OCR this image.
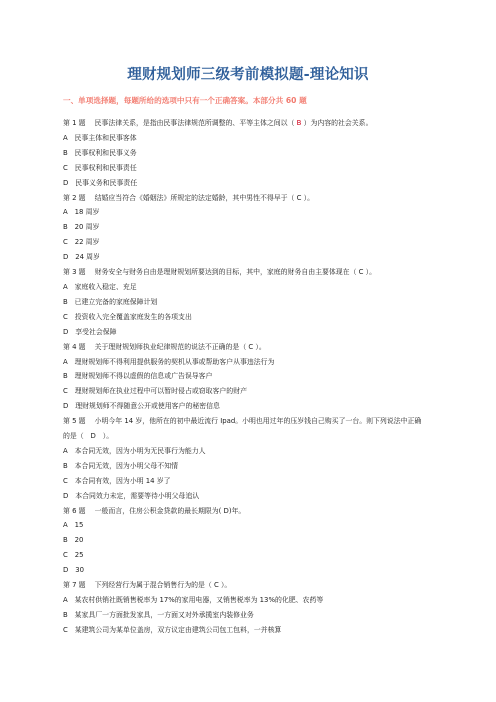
理财规划师三级考前模拟题-理论知识
一、单项选择题，每题所给的选项中只有一个正确答案。本部分共 60 题
第 1 题　 民事法律关系，是指由民事法律规范所调整的、平等主体之间以（ B ）为内容的社会关系。
A　民事主体和民事客体
B　民事权利和民事义务
C　民事权利和民事责任
D　民事义务和民事责任
第 2 题　 结婚应当符合《婚姻法》所规定的法定婚龄，其中男性不得早于（ C ）。
A　18 周岁
B　20 周岁
C　22 周岁
D　24 周岁
第 3 题　 财务安全与财务自由是理财规划所要达到的目标，其中，家庭的财务自由主要体现在（ C ）。
A　家庭收入稳定、充足
B　已建立完备的家庭保障计划
C　投资收入完全覆盖家庭发生的各项支出
D　享受社会保障
第 4 题　 关于理财规划师执业纪律规范的说法不正确的是（ C ）。
A　理财规划师不得利用提供服务的契机从事或帮助客户从事违法行为
B　理财规划师不得以虚假的信息或广告误导客户
C　理财规划师在执业过程中可以暂时侵占或窃取客户的财产
D　理财规划师不得随意公开或使用客户的秘密信息
第 5 题　 小明今年 14 岁，他所在的初中最近流行 Ipad。小明也用过年的压岁钱自己购买了一台。则下列说法中正确的是（　D　）。
A　本合同无效，因为小明为无民事行为能力人
B　本合同无效，因为小明父母不知情
C　本合同有效，因为小明 14 岁了
D　本合同效力未定，需要等待小明父母追认
第 6 题　 一般而言，住房公积金贷款的最长期限为( D)年。
A　15
B　20
C　25
D　30
第 7 题　 下列经营行为属于混合销售行为的是（ C ）。
A　某农村供销社既销售税率为 17%的家用电器，又销售税率为 13%的化肥、农药等
B　某家具厂一方面批发家具，一方面又对外承揽室内装修业务
C　某建筑公司为某单位盖房，双方议定由建筑公司包工包料，一并核算
